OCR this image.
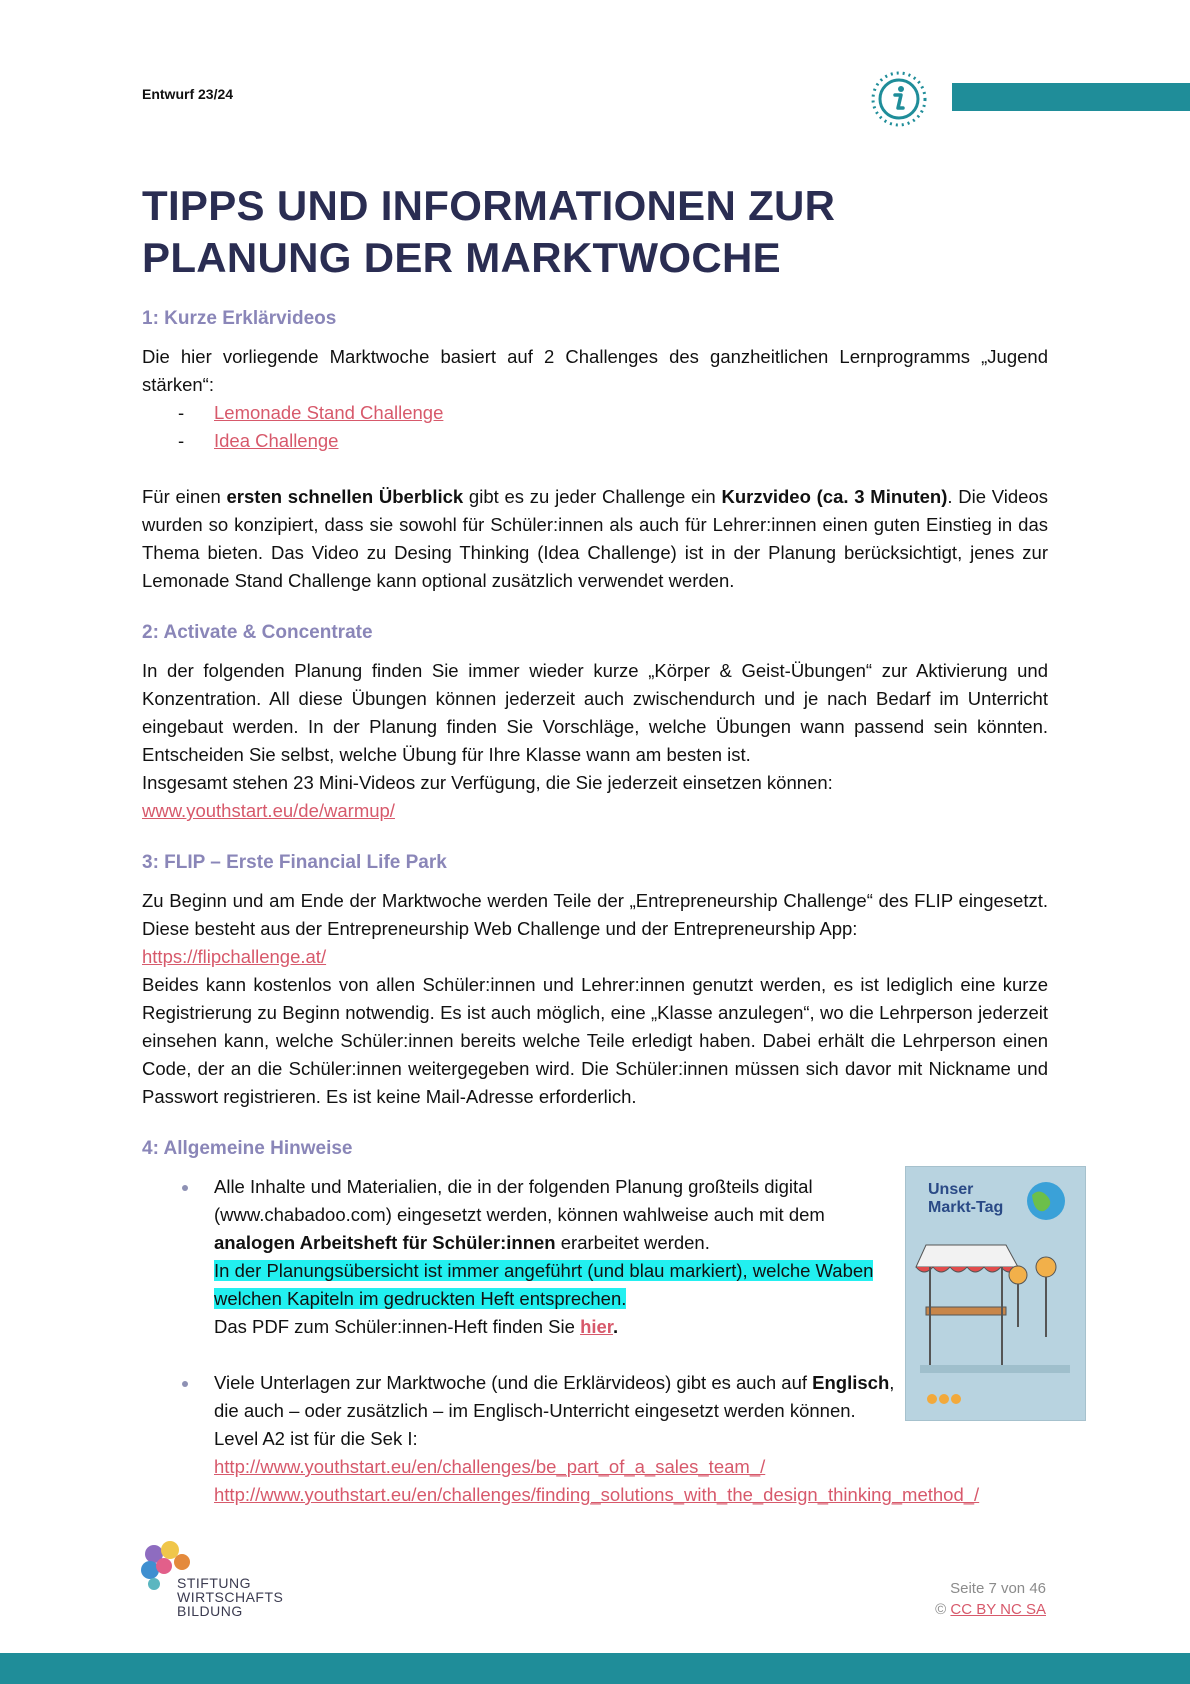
Entwurf 23/24
TIPPS UND INFORMATIONEN ZUR
PLANUNG DER MARKTWOCHE
1: Kurze Erklärvideos

Die hier vorliegende Marktwoche basiert auf 2 Challenges des ganzheitlichen Lernprogramms „Jugend stärken“:

- Lemonade Stand Challenge
- Idea Challenge

Für einen ersten schnellen Überblick gibt es zu jeder Challenge ein Kurzvideo (ca. 3 Minuten). Die Videos wurden so konzipiert, dass sie sowohl für Schüler:innen als auch für Lehrer:innen einen guten Einstieg in das Thema bieten. Das Video zu Desing Thinking (Idea Challenge) ist in der Planung berücksichtigt, jenes zur Lemonade Stand Challenge kann optional zusätzlich verwendet werden.

2: Activate & Concentrate

In der folgenden Planung finden Sie immer wieder kurze „Körper & Geist-Übungen“ zur Aktivierung und Konzentration. All diese Übungen können jederzeit auch zwischendurch und je nach Bedarf im Unterricht eingebaut werden. In der Planung finden Sie Vorschläge, welche Übungen wann passend sein könnten. Entscheiden Sie selbst, welche Übung für Ihre Klasse wann am besten ist.

Insgesamt stehen 23 Mini-Videos zur Verfügung, die Sie jederzeit einsetzen können:

www.youthstart.eu/de/warmup/

3: FLIP – Erste Financial Life Park

Zu Beginn und am Ende der Marktwoche werden Teile der „Entrepreneurship Challenge“ des FLIP eingesetzt. Diese besteht aus der Entrepreneurship Web Challenge und der Entrepreneurship App:

https://flipchallenge.at/

Beides kann kostenlos von allen Schüler:innen und Lehrer:innen genutzt werden, es ist lediglich eine kurze Registrierung zu Beginn notwendig. Es ist auch möglich, eine „Klasse anzulegen“, wo die Lehrperson jederzeit einsehen kann, welche Schüler:innen bereits welche Teile erledigt haben. Dabei erhält die Lehrperson einen Code, der an die Schüler:innen weitergegeben wird. Die Schüler:innen müssen sich davor mit Nickname und Passwort registrieren. Es ist keine Mail-Adresse erforderlich.

4: Allgemeine Hinweise
Alle Inhalte und Materialien, die in der folgenden Planung großteils digital (www.chabadoo.com) eingesetzt werden, können wahlweise auch mit dem analogen Arbeitsheft für Schüler:innen erarbeitet werden.
In der Planungsübersicht ist immer angeführt (und blau markiert), welche Waben welchen Kapiteln im gedruckten Heft entsprechen.
Das PDF zum Schüler:innen-Heft finden Sie hier.
Viele Unterlagen zur Marktwoche (und die Erklärvideos) gibt es auch auf Englisch, die auch – oder zusätzlich – im Englisch-Unterricht eingesetzt werden können. Level A2 ist für die Sek I:
http://www.youthstart.eu/en/challenges/be_part_of_a_sales_team_/
http://www.youthstart.eu/en/challenges/finding_solutions_with_the_design_thinking_method_/
Unser
Markt-Tag
STIFTUNG
WIRTSCHAFTS
BILDUNG
Seite 7 von 46
© CC BY NC SA
